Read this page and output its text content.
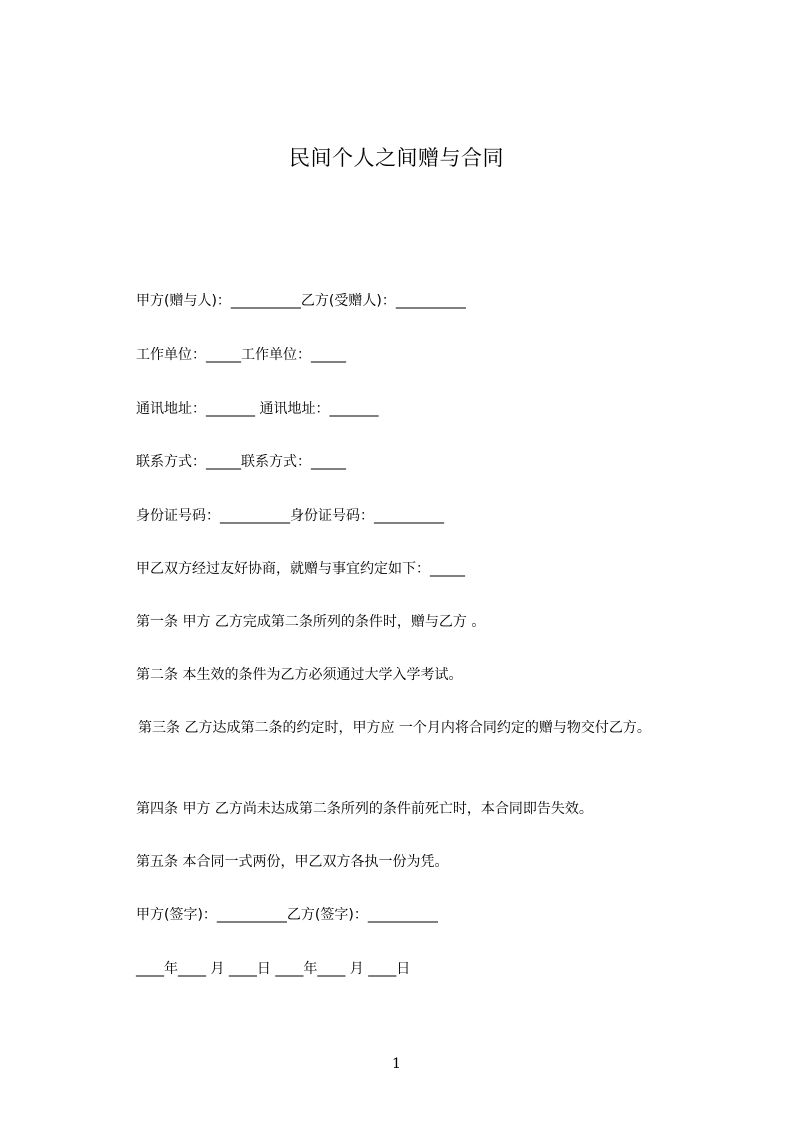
民间个人之间赠与合同
甲方(赠与人)：__________乙方(受赠人)：__________
工作单位：_____工作单位：_____
通讯地址：_______ 通讯地址：_______
联系方式：_____联系方式：_____
身份证号码：__________身份证号码：__________
甲乙双方经过友好协商，就赠与事宜约定如下：_____
第一条 甲方 乙方完成第二条所列的条件时，赠与乙方 。
第二条 本生效的条件为乙方必须通过大学入学考试。
第三条 乙方达成第二条的约定时，甲方应 一个月内将合同约定的赠与物交付乙方。
第四条 甲方 乙方尚未达成第二条所列的条件前死亡时，本合同即告失效。
第五条 本合同一式两份，甲乙双方各执一份为凭。
甲方(签字)：__________乙方(签字)：__________
____年____ 月 ____日 ____年____ 月 ____日
1
